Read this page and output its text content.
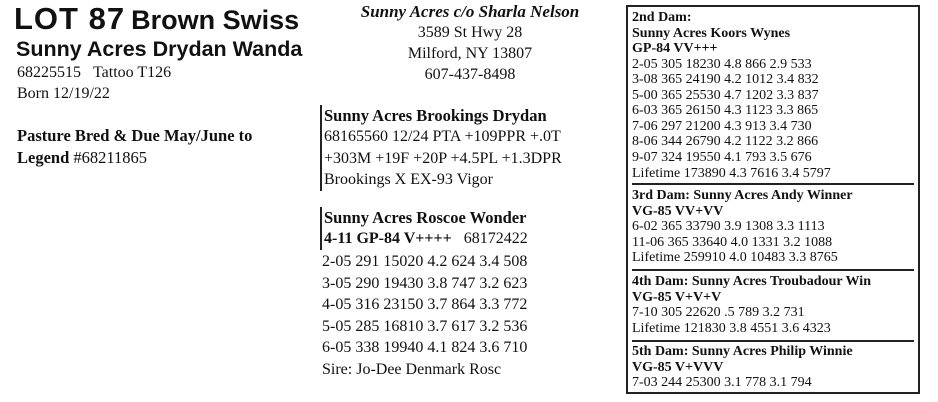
LOT 87 Brown Swiss
Sunny Acres Drydan Wanda
68225515 Tattoo T126
Born 12/19/22
Pasture Bred & Due May/June to
Legend #68211865
Sunny Acres c/o Sharla Nelson
3589 St Hwy 28
Milford, NY 13807
607-437-8498
Sunny Acres Brookings Drydan
68165560 12/24 PTA +109PPR +.0T
+303M +19F +20P +4.5PL +1.3DPR
Brookings X EX-93 Vigor
Sunny Acres Roscoe Wonder
4-11 GP-84 V++++ 68172422
2-05 291 15020 4.2 624 3.4 508
3-05 290 19430 3.8 747 3.2 623
4-05 316 23150 3.7 864 3.3 772
5-05 285 16810 3.7 617 3.2 536
6-05 338 19940 4.1 824 3.6 710
Sire: Jo-Dee Denmark Rosc
2nd Dam:
Sunny Acres Koors Wynes
GP-84 VV+++
2-05 305 18230 4.8 866 2.9 533
3-08 365 24190 4.2 1012 3.4 832
5-00 365 25530 4.7 1202 3.3 837
6-03 365 26150 4.3 1123 3.3 865
7-06 297 21200 4.3 913 3.4 730
8-06 344 26790 4.2 1122 3.2 866
9-07 324 19550 4.1 793 3.5 676
Lifetime 173890 4.3 7616 3.4 5797
3rd Dam: Sunny Acres Andy Winner
VG-85 VV+VV
6-02 365 33790 3.9 1308 3.3 1113
11-06 365 33640 4.0 1331 3.2 1088
Lifetime 259910 4.0 10483 3.3 8765
4th Dam: Sunny Acres Troubadour Win
VG-85 V+V+V
7-10 305 22620 .5 789 3.2 731
Lifetime 121830 3.8 4551 3.6 4323
5th Dam: Sunny Acres Philip Winnie
VG-85 V+VVV
7-03 244 25300 3.1 778 3.1 794
